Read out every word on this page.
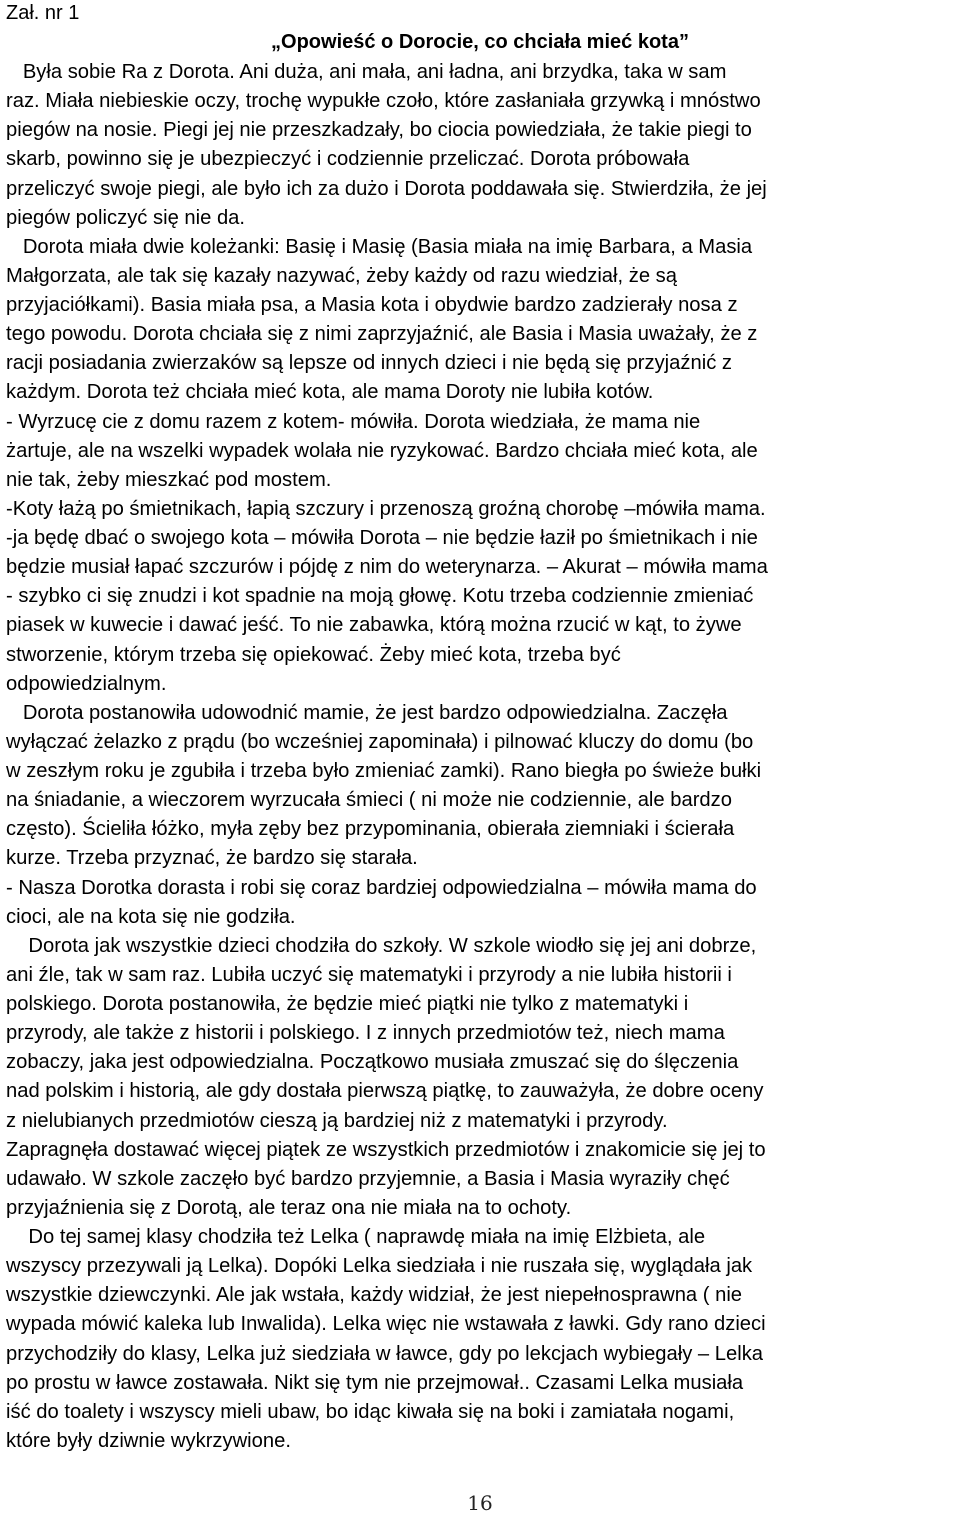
Zał. nr 1
„Opowieść o Dorocie, co chciała mieć kota”
Była sobie Ra z Dorota. Ani duża, ani mała, ani ładna, ani brzydka, taka w sam
raz. Miała niebieskie oczy, trochę wypukłe czoło, które zasłaniała grzywką i mnóstwo
piegów na nosie. Piegi jej nie przeszkadzały, bo ciocia powiedziała, że takie piegi to
skarb, powinno się je ubezpieczyć i codziennie przeliczać. Dorota próbowała
przeliczyć swoje piegi, ale było ich za dużo i Dorota poddawała się. Stwierdziła, że jej
piegów policzyć się nie da.
Dorota miała dwie koleżanki: Basię i Masię (Basia miała na imię Barbara, a Masia
Małgorzata, ale tak się kazały nazywać, żeby każdy od razu wiedział, że są
przyjaciółkami). Basia miała psa, a Masia kota i obydwie bardzo zadzierały nosa z
tego powodu. Dorota chciała się z nimi zaprzyjaźnić, ale Basia i Masia uważały, że z
racji posiadania zwierzaków są lepsze od innych dzieci i nie będą się przyjaźnić z
każdym. Dorota też chciała mieć kota, ale mama Doroty nie lubiła kotów.
- Wyrzucę cie z domu razem z kotem- mówiła. Dorota wiedziała, że mama nie
żartuje, ale na wszelki wypadek wolała nie ryzykować. Bardzo chciała mieć kota, ale
nie tak, żeby mieszkać pod mostem.
-Koty łażą po śmietnikach, łapią szczury i przenoszą groźną chorobę –mówiła mama.
-ja będę dbać o swojego kota – mówiła Dorota – nie będzie łaził po śmietnikach i nie
będzie musiał łapać szczurów i pójdę z nim do weterynarza. – Akurat – mówiła mama
- szybko ci się znudzi i kot spadnie na moją głowę. Kotu trzeba codziennie zmieniać
piasek w kuwecie i dawać jeść. To nie zabawka, którą można rzucić w kąt, to żywe
stworzenie, którym trzeba się opiekować. Żeby mieć kota, trzeba być
odpowiedzialnym.
Dorota postanowiła udowodnić mamie, że jest bardzo odpowiedzialna. Zaczęła
wyłączać żelazko z prądu (bo wcześniej zapominała) i pilnować kluczy do domu (bo
w zeszłym roku je zgubiła i trzeba było zmieniać zamki). Rano biegła po świeże bułki
na śniadanie, a wieczorem wyrzucała śmieci ( ni może nie codziennie, ale bardzo
często). Ścieliła łóżko, myła zęby bez przypominania, obierała ziemniaki i ścierała
kurze. Trzeba przyznać, że bardzo się starała.
- Nasza Dorotka dorasta i robi się coraz bardziej odpowiedzialna – mówiła mama do
cioci, ale na kota się nie godziła.
Dorota jak wszystkie dzieci chodziła do szkoły. W szkole wiodło się jej ani dobrze,
ani źle, tak w sam raz. Lubiła uczyć się matematyki i przyrody a nie lubiła historii i
polskiego. Dorota postanowiła, że będzie mieć piątki nie tylko z matematyki i
przyrody, ale także z historii i polskiego. I z innych przedmiotów też, niech mama
zobaczy, jaka jest odpowiedzialna. Początkowo musiała zmuszać się do ślęczenia
nad polskim i historią, ale gdy dostała pierwszą piątkę, to zauważyła, że dobre oceny
z nielubianych przedmiotów cieszą ją bardziej niż z matematyki i przyrody.
Zapragnęła dostawać więcej piątek ze wszystkich przedmiotów i znakomicie się jej to
udawało. W szkole zaczęło być bardzo przyjemnie, a Basia i Masia wyraziły chęć
przyjaźnienia się z Dorotą, ale teraz ona nie miała na to ochoty.
Do tej samej klasy chodziła też Lelka ( naprawdę miała na imię Elżbieta, ale
wszyscy przezywali ją Lelka). Dopóki Lelka siedziała i nie ruszała się, wyglądała jak
wszystkie dziewczynki. Ale jak wstała, każdy widział, że jest niepełnosprawna ( nie
wypada mówić kaleka lub Inwalida). Lelka więc nie wstawała z ławki. Gdy rano dzieci
przychodziły do klasy, Lelka już siedziała w ławce, gdy po lekcjach wybiegały – Lelka
po prostu w ławce zostawała. Nikt się tym nie przejmował.. Czasami Lelka musiała
iść do toalety i wszyscy mieli ubaw, bo idąc kiwała się na boki i zamiatała nogami,
które były dziwnie wykrzywione.
16
